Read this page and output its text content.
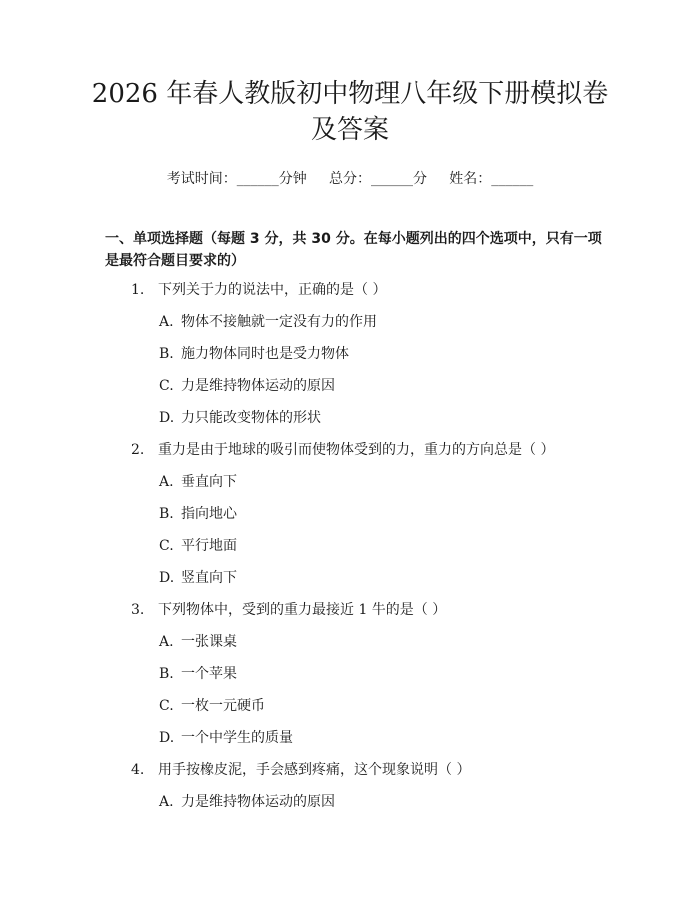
2026 年春人教版初中物理八年级下册模拟卷
及答案
考试时间：______分钟     总分：______分     姓名：______
一、单项选择题（每题 3 分，共 30 分。在每小题列出的四个选项中，只有一项是最符合题目要求的）
1. 下列关于力的说法中，正确的是（ ）
A. 物体不接触就一定没有力的作用
B. 施力物体同时也是受力物体
C. 力是维持物体运动的原因
D. 力只能改变物体的形状
2. 重力是由于地球的吸引而使物体受到的力，重力的方向总是（ ）
A. 垂直向下
B. 指向地心
C. 平行地面
D. 竖直向下
3. 下列物体中，受到的重力最接近 1 牛的是（ ）
A. 一张课桌
B. 一个苹果
C. 一枚一元硬币
D. 一个中学生的质量
4. 用手按橡皮泥，手会感到疼痛，这个现象说明（ ）
A. 力是维持物体运动的原因
